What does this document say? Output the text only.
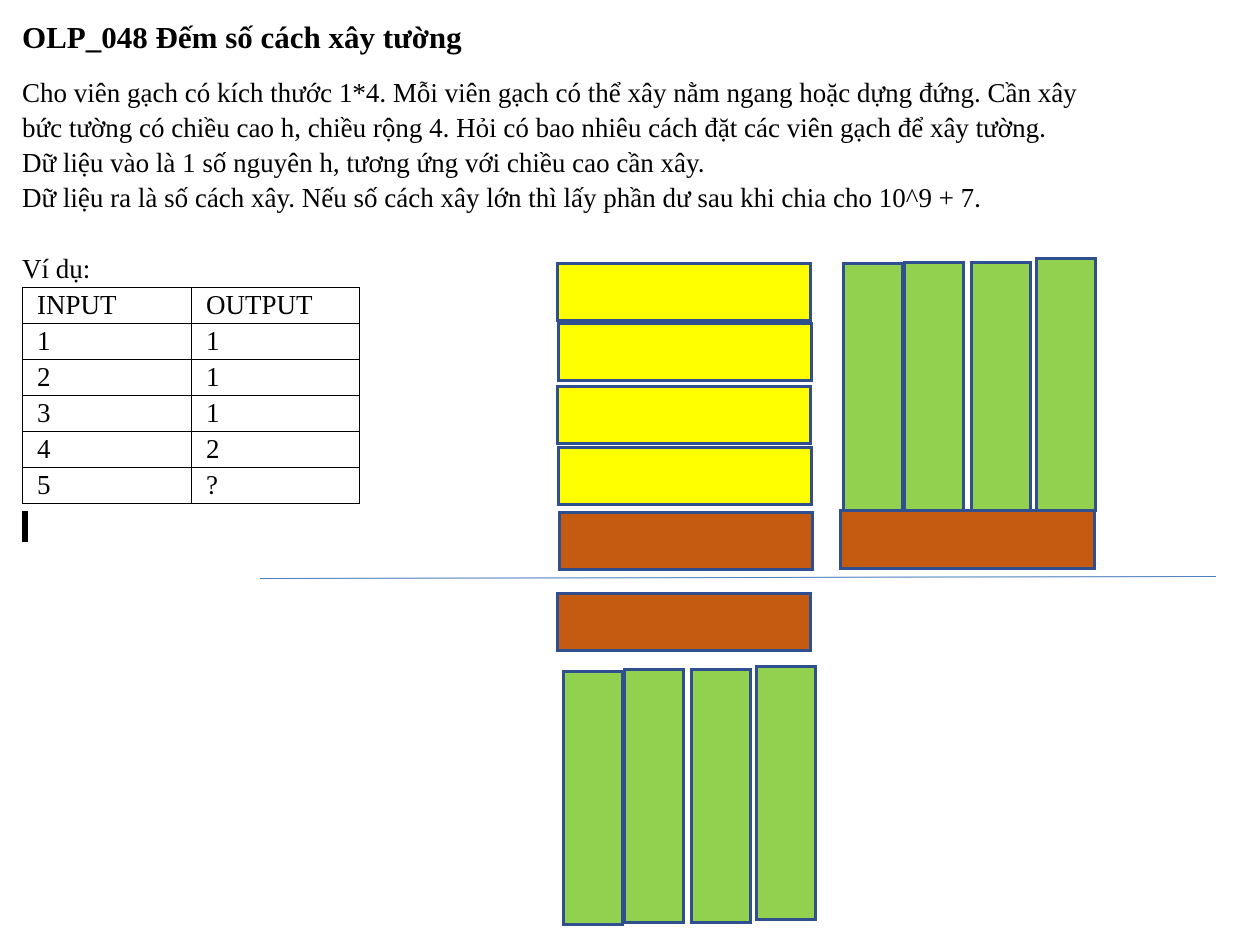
OLP_048 Đếm số cách xây tường
Cho viên gạch có kích thước 1*4. Mỗi viên gạch có thể xây nằm ngang hoặc dựng đứng. Cần xây
bức tường có chiều cao h, chiều rộng 4. Hỏi có bao nhiêu cách đặt các viên gạch để xây tường.
Dữ liệu vào là 1 số nguyên h, tương ứng với chiều cao cần xây.
Dữ liệu ra là số cách xây. Nếu số cách xây lớn thì lấy phần dư sau khi chia cho 10^9 + 7.
Ví dụ:
INPUT	OUTPUT
1	1
2	1
3	1
4	2
5	?
